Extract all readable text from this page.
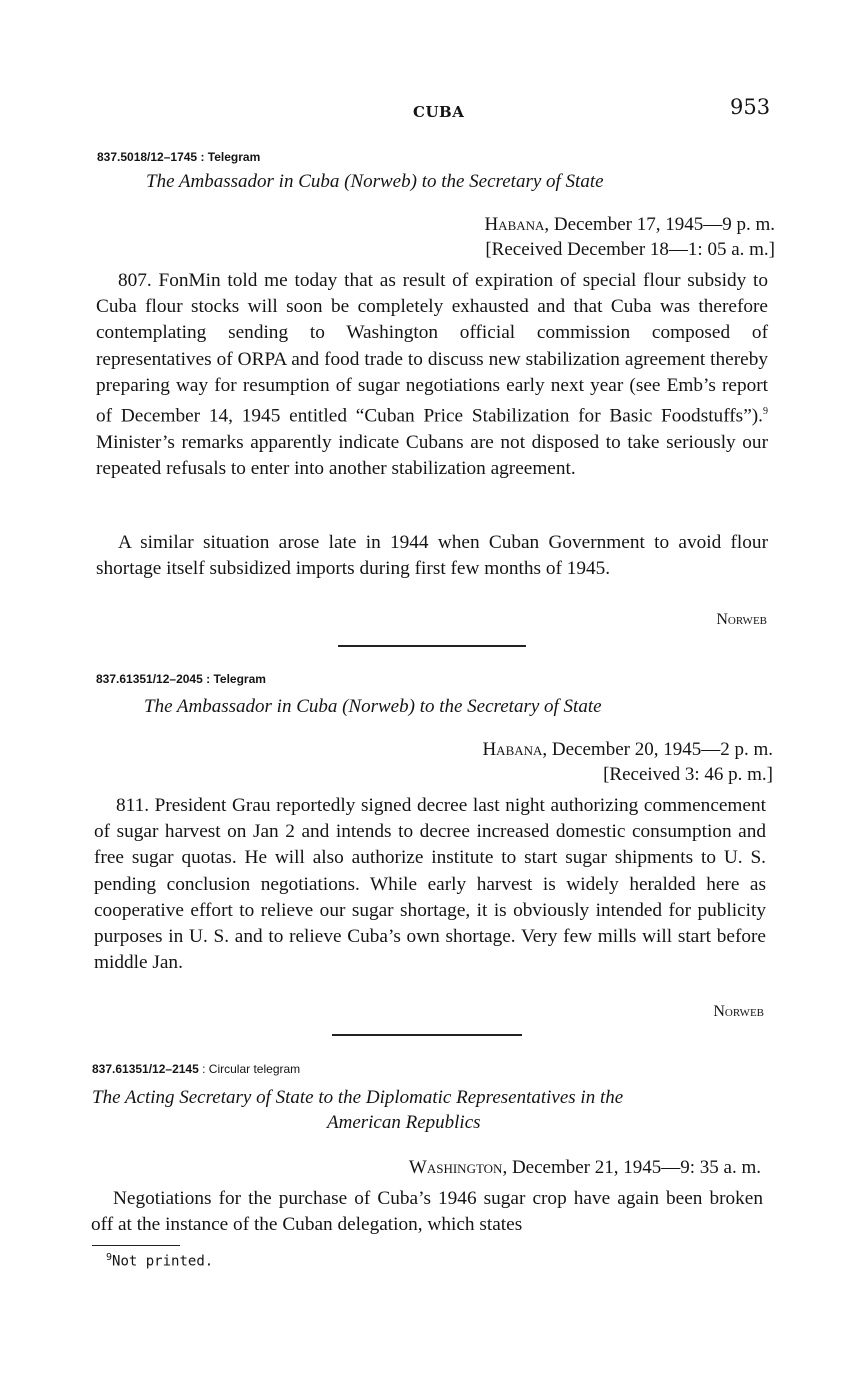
CUBA	953
837.5018/12–1745 : Telegram
The Ambassador in Cuba (Norweb) to the Secretary of State
Habana, December 17, 1945—9 p. m.
[Received December 18—1: 05 a. m.]
807. FonMin told me today that as result of expiration of special flour subsidy to Cuba flour stocks will soon be completely exhausted and that Cuba was therefore contemplating sending to Washington official commission composed of representatives of ORPA and food trade to discuss new stabilization agreement thereby preparing way for resumption of sugar negotiations early next year (see Emb’s report of December 14, 1945 entitled “Cuban Price Stabilization for Basic Foodstuffs”).$^9$ Minister’s remarks apparently indicate Cubans are not disposed to take seriously our repeated refusals to enter into another stabilization agreement.
A similar situation arose late in 1944 when Cuban Government to avoid flour shortage itself subsidized imports during first few months of 1945.
Norweb
837.61351/12–2045 : Telegram
The Ambassador in Cuba (Norweb) to the Secretary of State
Habana, December 20, 1945—2 p. m.
[Received 3: 46 p. m.]
811. President Grau reportedly signed decree last night authorizing commencement of sugar harvest on Jan 2 and intends to decree increased domestic consumption and free sugar quotas. He will also authorize institute to start sugar shipments to U. S. pending conclusion negotiations. While early harvest is widely heralded here as cooperative effort to relieve our sugar shortage, it is obviously intended for publicity purposes in U. S. and to relieve Cuba’s own shortage. Very few mills will start before middle Jan.
Norweb
837.61351/12–2145 : Circular telegram
The Acting Secretary of State to the Diplomatic Representatives in the
American Republics
Washington, December 21, 1945—9: 35 a. m.
Negotiations for the purchase of Cuba’s 1946 sugar crop have again been broken off at the instance of the Cuban delegation, which states
$^9$Not printed.
